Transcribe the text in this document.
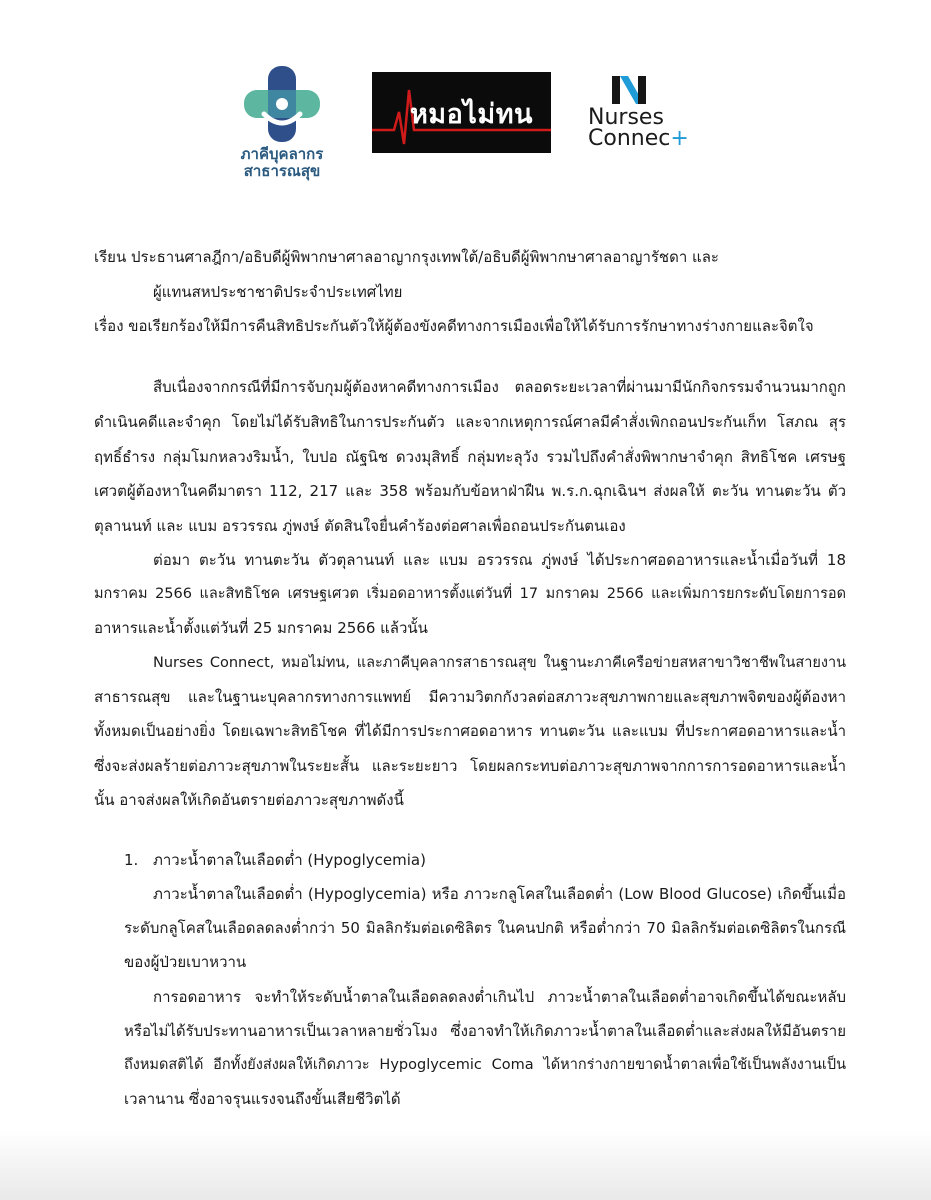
ภาคีบุคลากร
สาธารณสุข
หมอไม่ทน	Nurses
Connec+
เรียน ประธานศาลฎีกา/อธิบดีผู้พิพากษาศาลอาญากรุงเทพใต้/อธิบดีผู้พิพากษาศาลอาญารัชดา และ
ผู้แทนสหประชาชาติประจำประเทศไทย
เรื่อง ขอเรียกร้องให้มีการคืนสิทธิประกันตัวให้ผู้ต้องขังคดีทางการเมืองเพื่อให้ได้รับการรักษาทางร่างกายและจิตใจ
สืบเนื่องจากกรณีที่มีการจับกุมผู้ต้องหาคดีทางการเมือง ตลอดระยะเวลาที่ผ่านมามีนักกิจกรรมจำนวนมากถูก
ดำเนินคดีและจำคุก โดยไม่ได้รับสิทธิในการประกันตัว และจากเหตุการณ์ศาลมีคำสั่งเพิกถอนประกันเก็ท โสภณ สุร
ฤทธิ์ธำรง กลุ่มโมกหลวงริมน้ำ, ใบปอ ณัฐนิช ดวงมุสิทธิ์ กลุ่มทะลุวัง รวมไปถึงคำสั่งพิพากษาจำคุก สิทธิโชค เศรษฐ
เศวตผู้ต้องหาในคดีมาตรา 112, 217 และ 358 พร้อมกับข้อหาฝ่าฝืน พ.ร.ก.ฉุกเฉินฯ ส่งผลให้ ตะวัน ทานตะวัน ตัว
ตุลานนท์ และ แบม อรวรรณ ภู่พงษ์ ตัดสินใจยื่นคำร้องต่อศาลเพื่อถอนประกันตนเอง
ต่อมา ตะวัน ทานตะวัน ตัวตุลานนท์ และ แบม อรวรรณ ภู่พงษ์ ได้ประกาศอดอาหารและน้ำเมื่อวันที่ 18
มกราคม 2566 และสิทธิโชค เศรษฐเศวต เริ่มอดอาหารตั้งแต่วันที่ 17 มกราคม 2566 และเพิ่มการยกระดับโดยการอด
อาหารและน้ำตั้งแต่วันที่ 25 มกราคม 2566 แล้วนั้น
Nurses Connect, หมอไม่ทน, และภาคีบุคลากรสาธารณสุข ในฐานะภาคีเครือข่ายสหสาขาวิชาชีพในสายงาน
สาธารณสุข และในฐานะบุคลากรทางการแพทย์ มีความวิตกกังวลต่อสภาวะสุขภาพกายและสุขภาพจิตของผู้ต้องหา
ทั้งหมดเป็นอย่างยิ่ง โดยเฉพาะสิทธิโชค ที่ได้มีการประกาศอดอาหาร ทานตะวัน และแบม ที่ประกาศอดอาหารและน้ำ
ซึ่งจะส่งผลร้ายต่อภาวะสุขภาพในระยะสั้น และระยะยาว โดยผลกระทบต่อภาวะสุขภาพจากการการอดอาหารและน้ำ
นั้น อาจส่งผลให้เกิดอันตรายต่อภาวะสุขภาพดังนี้
1. ภาวะน้ำตาลในเลือดต่ำ (Hypoglycemia)
ภาวะน้ำตาลในเลือดต่ำ (Hypoglycemia) หรือ ภาวะกลูโคสในเลือดต่ำ (Low Blood Glucose) เกิดขึ้นเมื่อ
ระดับกลูโคสในเลือดลดลงต่ำกว่า 50 มิลลิกรัมต่อเดซิลิตร ในคนปกติ หรือต่ำกว่า 70 มิลลิกรัมต่อเดซิลิตรในกรณี
ของผู้ป่วยเบาหวาน
การอดอาหาร จะทำให้ระดับน้ำตาลในเลือดลดลงต่ำเกินไป ภาวะน้ำตาลในเลือดต่ำอาจเกิดขึ้นได้ขณะหลับ
หรือไม่ได้รับประทานอาหารเป็นเวลาหลายชั่วโมง ซึ่งอาจทำให้เกิดภาวะน้ำตาลในเลือดต่ำและส่งผลให้มีอันตราย
ถึงหมดสติได้ อีกทั้งยังส่งผลให้เกิดภาวะ Hypoglycemic Coma ได้หากร่างกายขาดน้ำตาลเพื่อใช้เป็นพลังงานเป็น
เวลานาน ซึ่งอาจรุนแรงจนถึงขั้นเสียชีวิตได้
